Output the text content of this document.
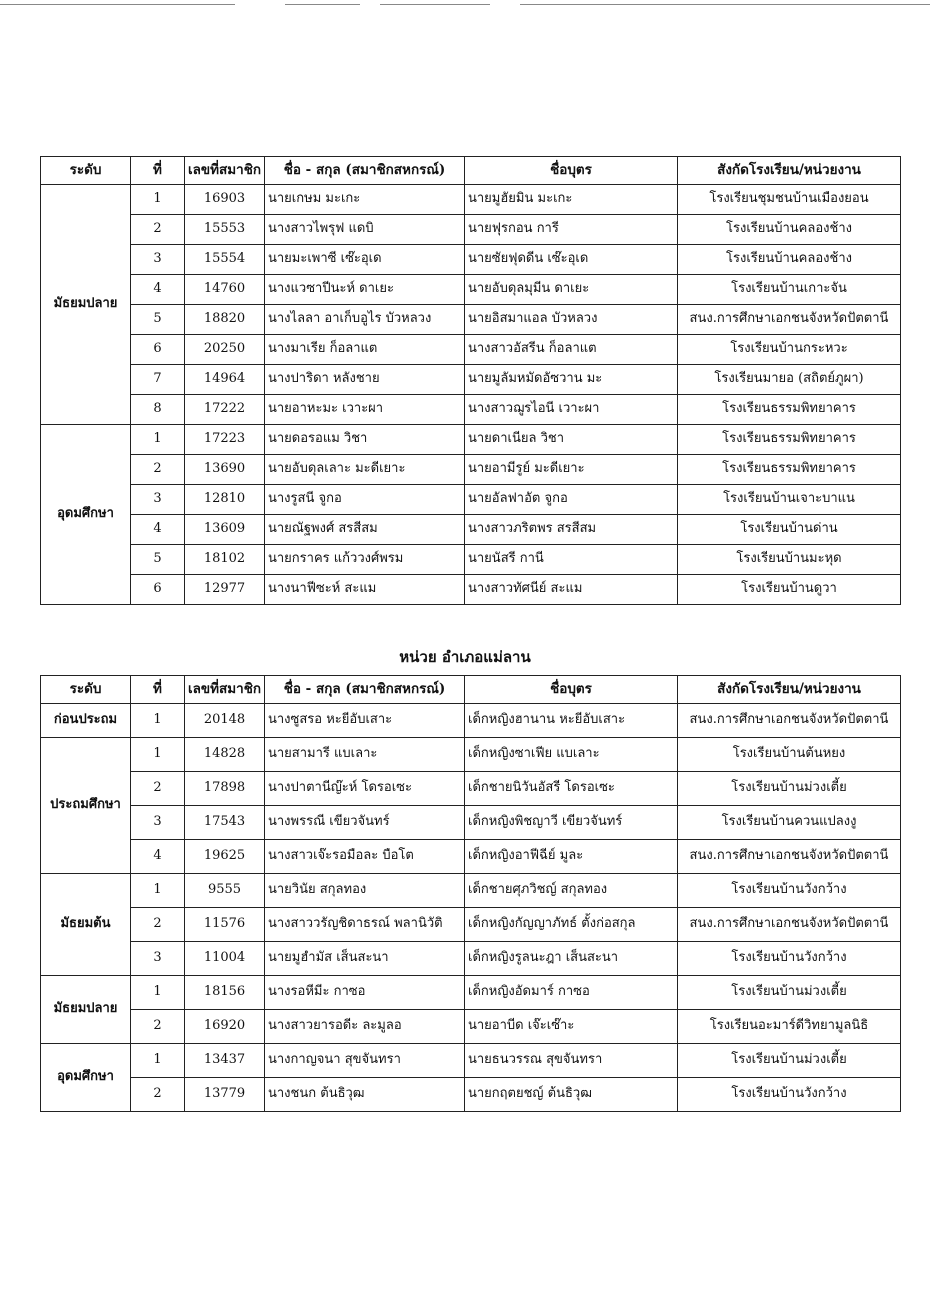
ระดับ	ที่	เลขที่สมาชิก	ชื่อ - สกุล (สมาชิกสหกรณ์)	ชื่อบุตร	สังกัดโรงเรียน/หน่วยงาน
มัธยมปลาย	1	16903	นายเกษม มะเกะ	นายมูฮัยมิน มะเกะ	โรงเรียนชุมชนบ้านเมืองยอน
	2	15553	นางสาวไพรุฟ แดบิ	นายฟุรกอน การี	โรงเรียนบ้านคลองช้าง
	3	15554	นายมะเพาซี เซ๊ะอุเด	นายซัยฟุดดีน เซ๊ะอุเด	โรงเรียนบ้านคลองช้าง
	4	14760	นางแวซาปีนะห์ ดาเยะ	นายอับดุลมุมีน ดาเยะ	โรงเรียนบ้านเกาะจัน
	5	18820	นางไลลา อาเก็บอูไร บัวหลวง	นายอิสมาแอล บัวหลวง	สนง.การศึกษาเอกชนจังหวัดปัตตานี
	6	20250	นางมาเรีย ก็อลาแต	นางสาวอัสรีน ก็อลาแต	โรงเรียนบ้านกระหวะ
	7	14964	นางปาริดา หลังชาย	นายมูลัมหมัดอัซวาน มะ	โรงเรียนมายอ (สถิตย์ภูผา)
	8	17222	นายอาหะมะ เวาะผา	นางสาวฌูรไอนี เวาะผา	โรงเรียนธรรมพิทยาคาร
อุดมศึกษา	1	17223	นายดอรอแม วิชา	นายดาเนียล วิชา	โรงเรียนธรรมพิทยาคาร
	2	13690	นายอับดุลเลาะ มะดีเยาะ	นายอามีรูย์ มะดีเยาะ	โรงเรียนธรรมพิทยาคาร
	3	12810	นางรูสนี จูกอ	นายอัลฟาอัต จูกอ	โรงเรียนบ้านเจาะบาแน
	4	13609	นายณัฐพงศ์ สรสีสม	นางสาวภริตพร สรสีสม	โรงเรียนบ้านด่าน
	5	18102	นายกราคร แก้ววงศ์พรม	นายนัสรี กานี	โรงเรียนบ้านมะหุด
	6	12977	นางนาฟีซะห์ สะแม	นางสาวทัศนีย์ สะแม	โรงเรียนบ้านดูวา
หน่วย อำเภอแม่ลาน
ระดับ	ที่	เลขที่สมาชิก	ชื่อ - สกุล (สมาชิกสหกรณ์)	ชื่อบุตร	สังกัดโรงเรียน/หน่วยงาน
ก่อนประถม	1	20148	นางซูสรอ หะยีอับเสาะ	เด็กหญิงฮานาน หะยีอับเสาะ	สนง.การศึกษาเอกชนจังหวัดปัตตานี
ประถมศึกษา	1	14828	นายสามารี แบเลาะ	เด็กหญิงซาเฟีย แบเลาะ	โรงเรียนบ้านต้นหยง
	2	17898	นางปาตานีญ๊ะห์ โดรอเซะ	เด็กชายนิวันอัสรี โดรอเซะ	โรงเรียนบ้านม่วงเตี้ย
	3	17543	นางพรรณี เขียวจันทร์	เด็กหญิงพิชญาวี เขียวจันทร์	โรงเรียนบ้านควนแปลงงู
	4	19625	นางสาวเจ๊ะรอมือละ บือโต	เด็กหญิงอาฟีฉีย์ มูละ	สนง.การศึกษาเอกชนจังหวัดปัตตานี
มัธยมต้น	1	9555	นายวินัย สกุลทอง	เด็กชายศุภวิชญ์ สกุลทอง	โรงเรียนบ้านวังกว้าง
	2	11576	นางสาววรัญชิดาธรณ์ พลานิวัติ	เด็กหญิงกัญญาภัทธ์ ตั้งก่อสกุล	สนง.การศึกษาเอกชนจังหวัดปัตตานี
	3	11004	นายมูฮำมัส เส็นสะนา	เด็กหญิงรูลนะฎา เส็นสะนา	โรงเรียนบ้านวังกว้าง
มัธยมปลาย	1	18156	นางรอหีมีะ กาซอ	เด็กหญิงอัดมาร์ กาซอ	โรงเรียนบ้านม่วงเตี้ย
	2	16920	นางสาวยารอดีะ ละมูลอ	นายอาบีด เจ๊ะเซ๊าะ	โรงเรียนอะมาร์ดีวิทยามูลนิธิ
อุดมศึกษา	1	13437	นางกาญจนา สุขจันทรา	นายธนวรรณ สุขจันทรา	โรงเรียนบ้านม่วงเตี้ย
	2	13779	นางชนก ต้นธิวุฒ	นายกฤตยชญ์ ต้นธิวุฒ	โรงเรียนบ้านวังกว้าง
